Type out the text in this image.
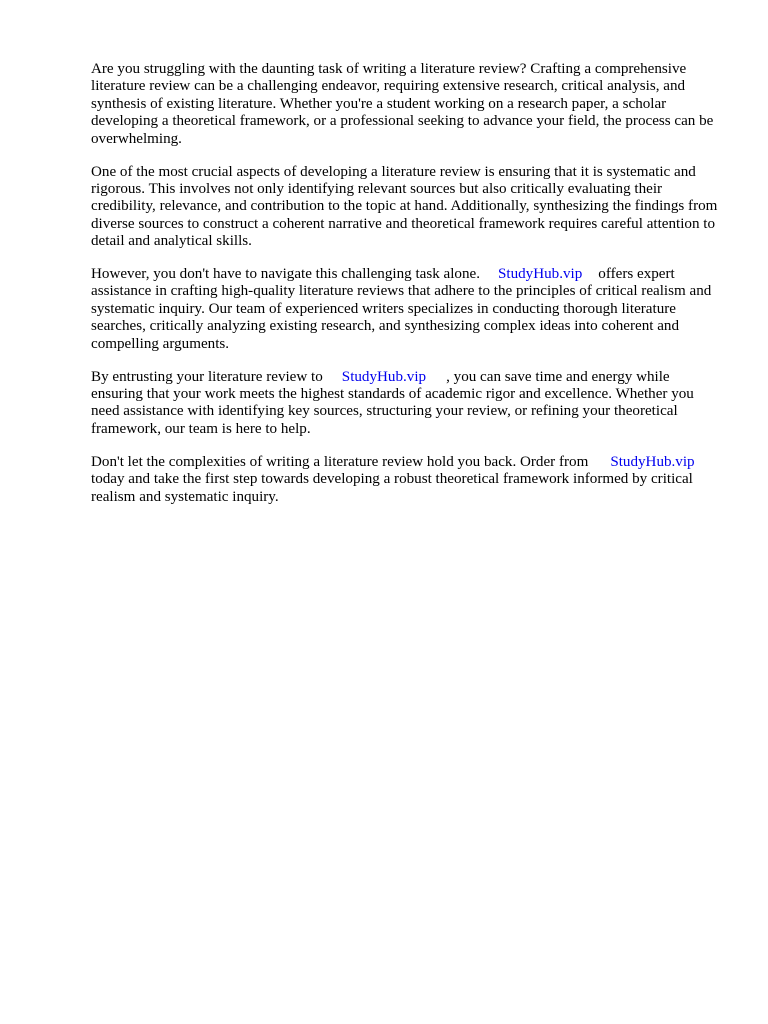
Are you struggling with the daunting task of writing a literature review? Crafting a comprehensive literature review can be a challenging endeavor, requiring extensive research, critical analysis, and synthesis of existing literature. Whether you're a student working on a research paper, a scholar developing a theoretical framework, or a professional seeking to advance your field, the process can be overwhelming.

One of the most crucial aspects of developing a literature review is ensuring that it is systematic and rigorous. This involves not only identifying relevant sources but also critically evaluating their credibility, relevance, and contribution to the topic at hand. Additionally, synthesizing the findings from diverse sources to construct a coherent narrative and theoretical framework requires careful attention to detail and analytical skills.

However, you don't have to navigate this challenging task alone. StudyHub.vip offers expert assistance in crafting high-quality literature reviews that adhere to the principles of critical realism and systematic inquiry. Our team of experienced writers specializes in conducting thorough literature searches, critically analyzing existing research, and synthesizing complex ideas into coherent and compelling arguments.

By entrusting your literature review to StudyHub.vip , you can save time and energy while ensuring that your work meets the highest standards of academic rigor and excellence. Whether you need assistance with identifying key sources, structuring your review, or refining your theoretical framework, our team is here to help.

Don't let the complexities of writing a literature review hold you back. Order from StudyHub.viptoday and take the first step towards developing a robust theoretical framework informed by critical realism and systematic inquiry.
